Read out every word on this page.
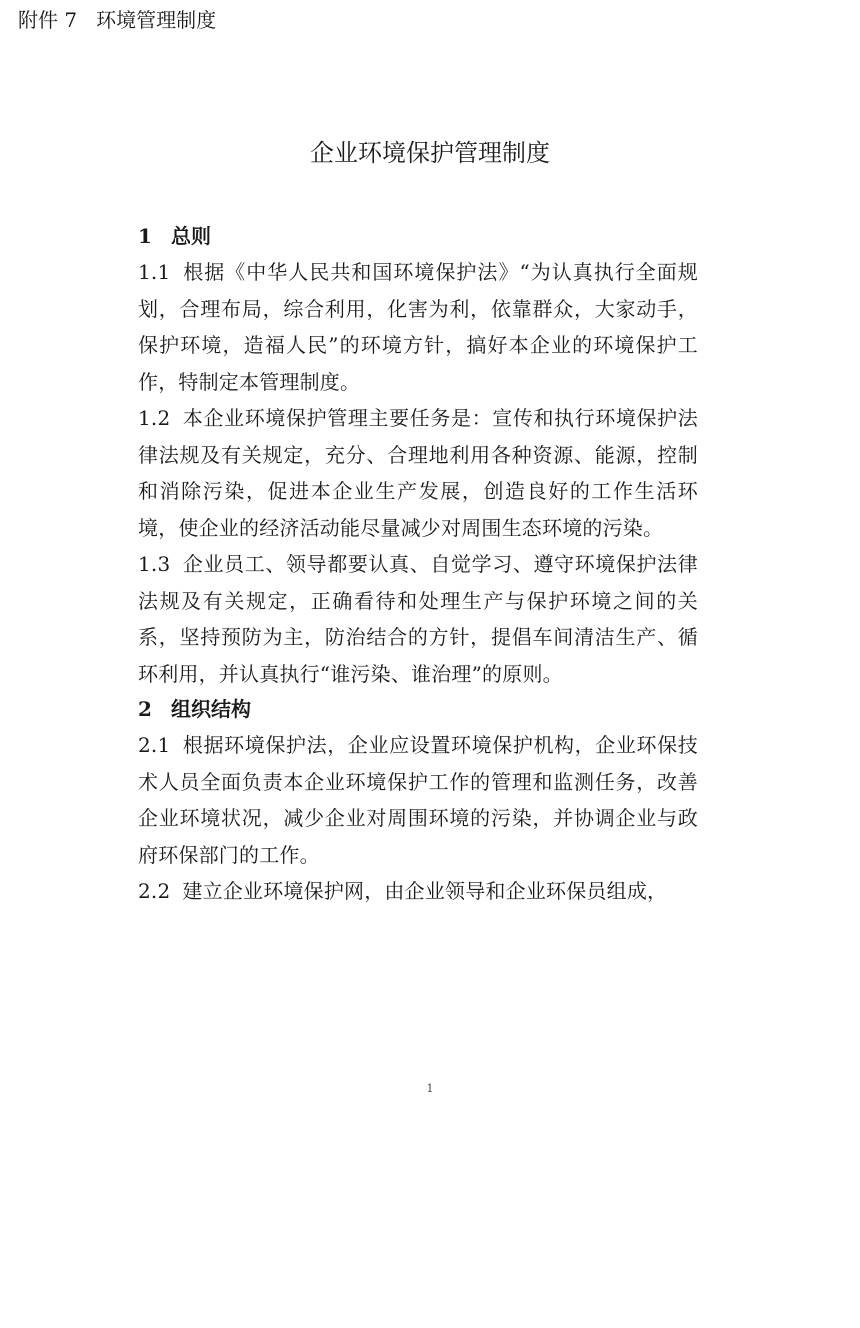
附件 7 环境管理制度
企业环境保护管理制度
1 总则
1.1 根据《中华人民共和国环境保护法》“为认真执行全面规划，合理布局，综合利用，化害为利，依靠群众，大家动手，保护环境，造福人民”的环境方针，搞好本企业的环境保护工作，特制定本管理制度。
1.2 本企业环境保护管理主要任务是：宣传和执行环境保护法律法规及有关规定，充分、合理地利用各种资源、能源，控制和消除污染，促进本企业生产发展，创造良好的工作生活环境，使企业的经济活动能尽量减少对周围生态环境的污染。
1.3 企业员工、领导都要认真、自觉学习、遵守环境保护法律法规及有关规定，正确看待和处理生产与保护环境之间的关系，坚持预防为主，防治结合的方针，提倡车间清洁生产、循环利用，并认真执行“谁污染、谁治理”的原则。
2 组织结构
2.1 根据环境保护法，企业应设置环境保护机构，企业环保技术人员全面负责本企业环境保护工作的管理和监测任务，改善企业环境状况，减少企业对周围环境的污染，并协调企业与政府环保部门的工作。
2.2 建立企业环境保护网，由企业领导和企业环保员组成，
1
